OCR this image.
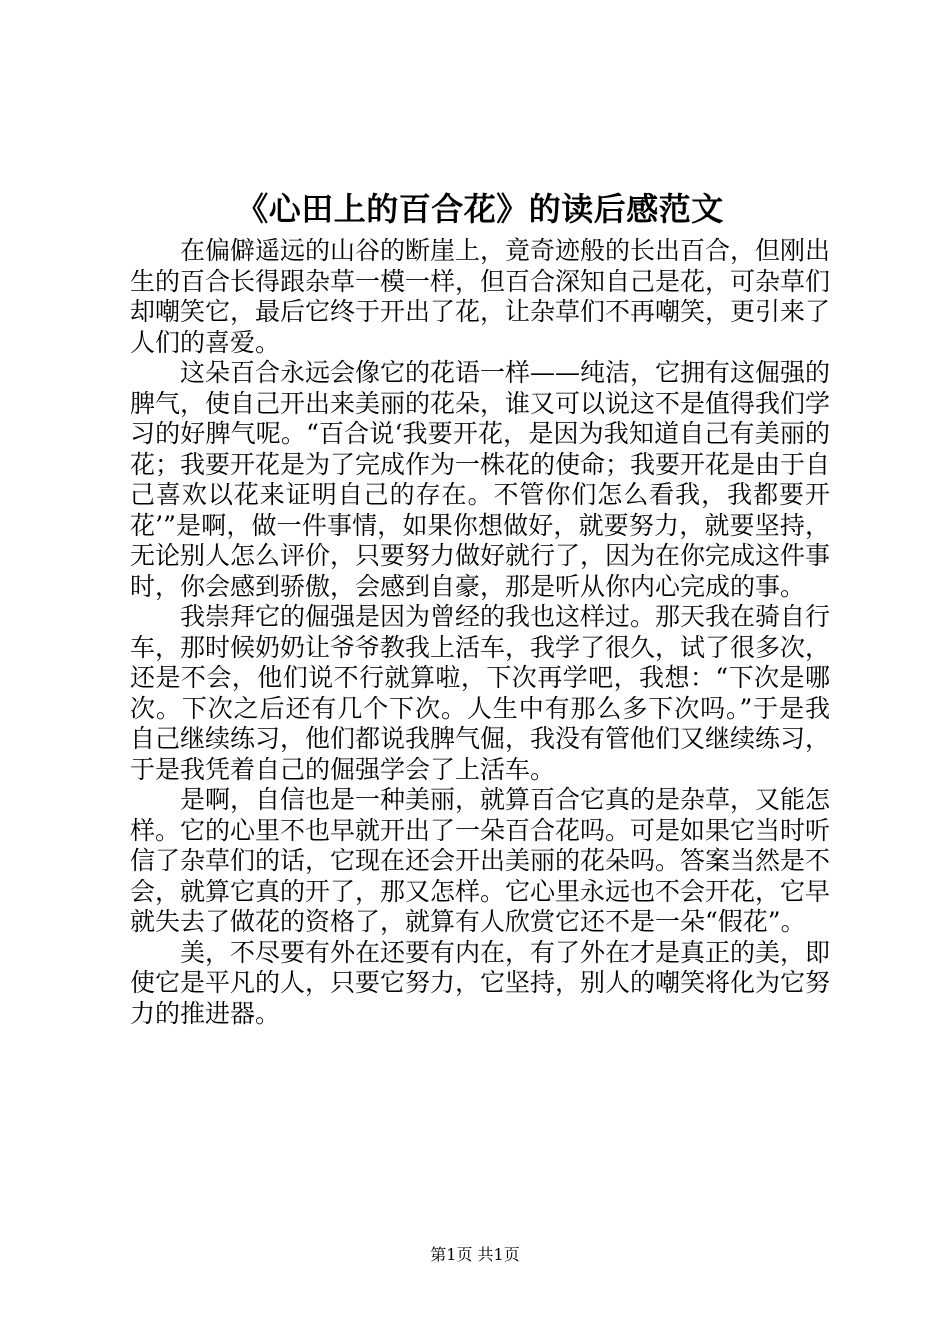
《心田上的百合花》的读后感范文

在偏僻遥远的山谷的断崖上，竟奇迹般的长出百合，但刚出生的百合长得跟杂草一模一样，但百合深知自己是花，可杂草们却嘲笑它，最后它终于开出了花，让杂草们不再嘲笑，更引来了人们的喜爱。

这朵百合永远会像它的花语一样——纯洁，它拥有这倔强的脾气，使自己开出来美丽的花朵，谁又可以说这不是值得我们学习的好脾气呢。“百合说‘我要开花，是因为我知道自己有美丽的花；我要开花是为了完成作为一株花的使命；我要开花是由于自己喜欢以花来证明自己的存在。不管你们怎么看我，我都要开花’”是啊，做一件事情，如果你想做好，就要努力，就要坚持，无论别人怎么评价，只要努力做好就行了，因为在你完成这件事时，你会感到骄傲，会感到自豪，那是听从你内心完成的事。

我崇拜它的倔强是因为曾经的我也这样过。那天我在骑自行车，那时候奶奶让爷爷教我上活车，我学了很久，试了很多次，还是不会，他们说不行就算啦，下次再学吧，我想：“下次是哪次。下次之后还有几个下次。人生中有那么多下次吗。”于是我自己继续练习，他们都说我脾气倔，我没有管他们又继续练习，于是我凭着自己的倔强学会了上活车。

是啊，自信也是一种美丽，就算百合它真的是杂草，又能怎样。它的心里不也早就开出了一朵百合花吗。可是如果它当时听信了杂草们的话，它现在还会开出美丽的花朵吗。答案当然是不会，就算它真的开了，那又怎样。它心里永远也不会开花，它早就失去了做花的资格了，就算有人欣赏它还不是一朵“假花”。

美，不尽要有外在还要有内在，有了外在才是真正的美，即使它是平凡的人，只要它努力，它坚持，别人的嘲笑将化为它努力的推进器。

第1页 共1页
